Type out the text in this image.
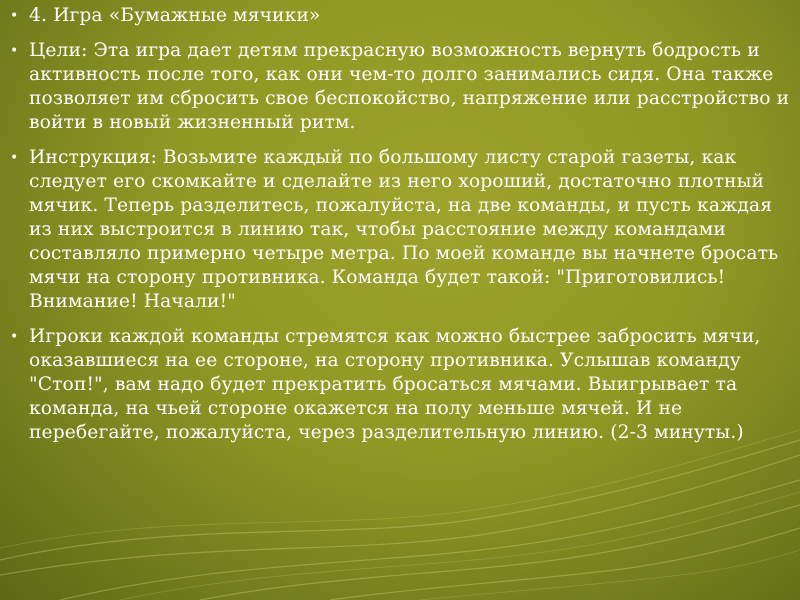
• 4. Игра «Бумажные мячики»
• Цели: Эта игра дает детям прекрасную возможность вернуть бодрость и активность после того, как они чем-то долго занимались сидя. Она также позволяет им сбросить свое беспокойство, напряжение или расстройство и войти в новый жизненный ритм.
• Инструкция: Возьмите каждый по большому листу старой газеты, как следует его скомкайте и сделайте из него хороший, достаточно плотный мячик. Теперь разделитесь, пожалуйста, на две команды, и пусть каждая из них выстроится в линию так, чтобы расстояние между командами составляло примерно четыре метра. По моей команде вы начнете бросать мячи на сторону противника. Команда будет такой: "Приготовились! Внимание! Начали!"
• Игроки каждой команды стремятся как можно быстрее забросить мячи, оказавшиеся на ее стороне, на сторону противника. Услышав команду "Стоп!", вам надо будет прекратить бросаться мячами. Выигрывает та команда, на чьей стороне окажется на полу меньше мячей. И не перебегайте, пожалуйста, через разделительную линию. (2-3 минуты.)
